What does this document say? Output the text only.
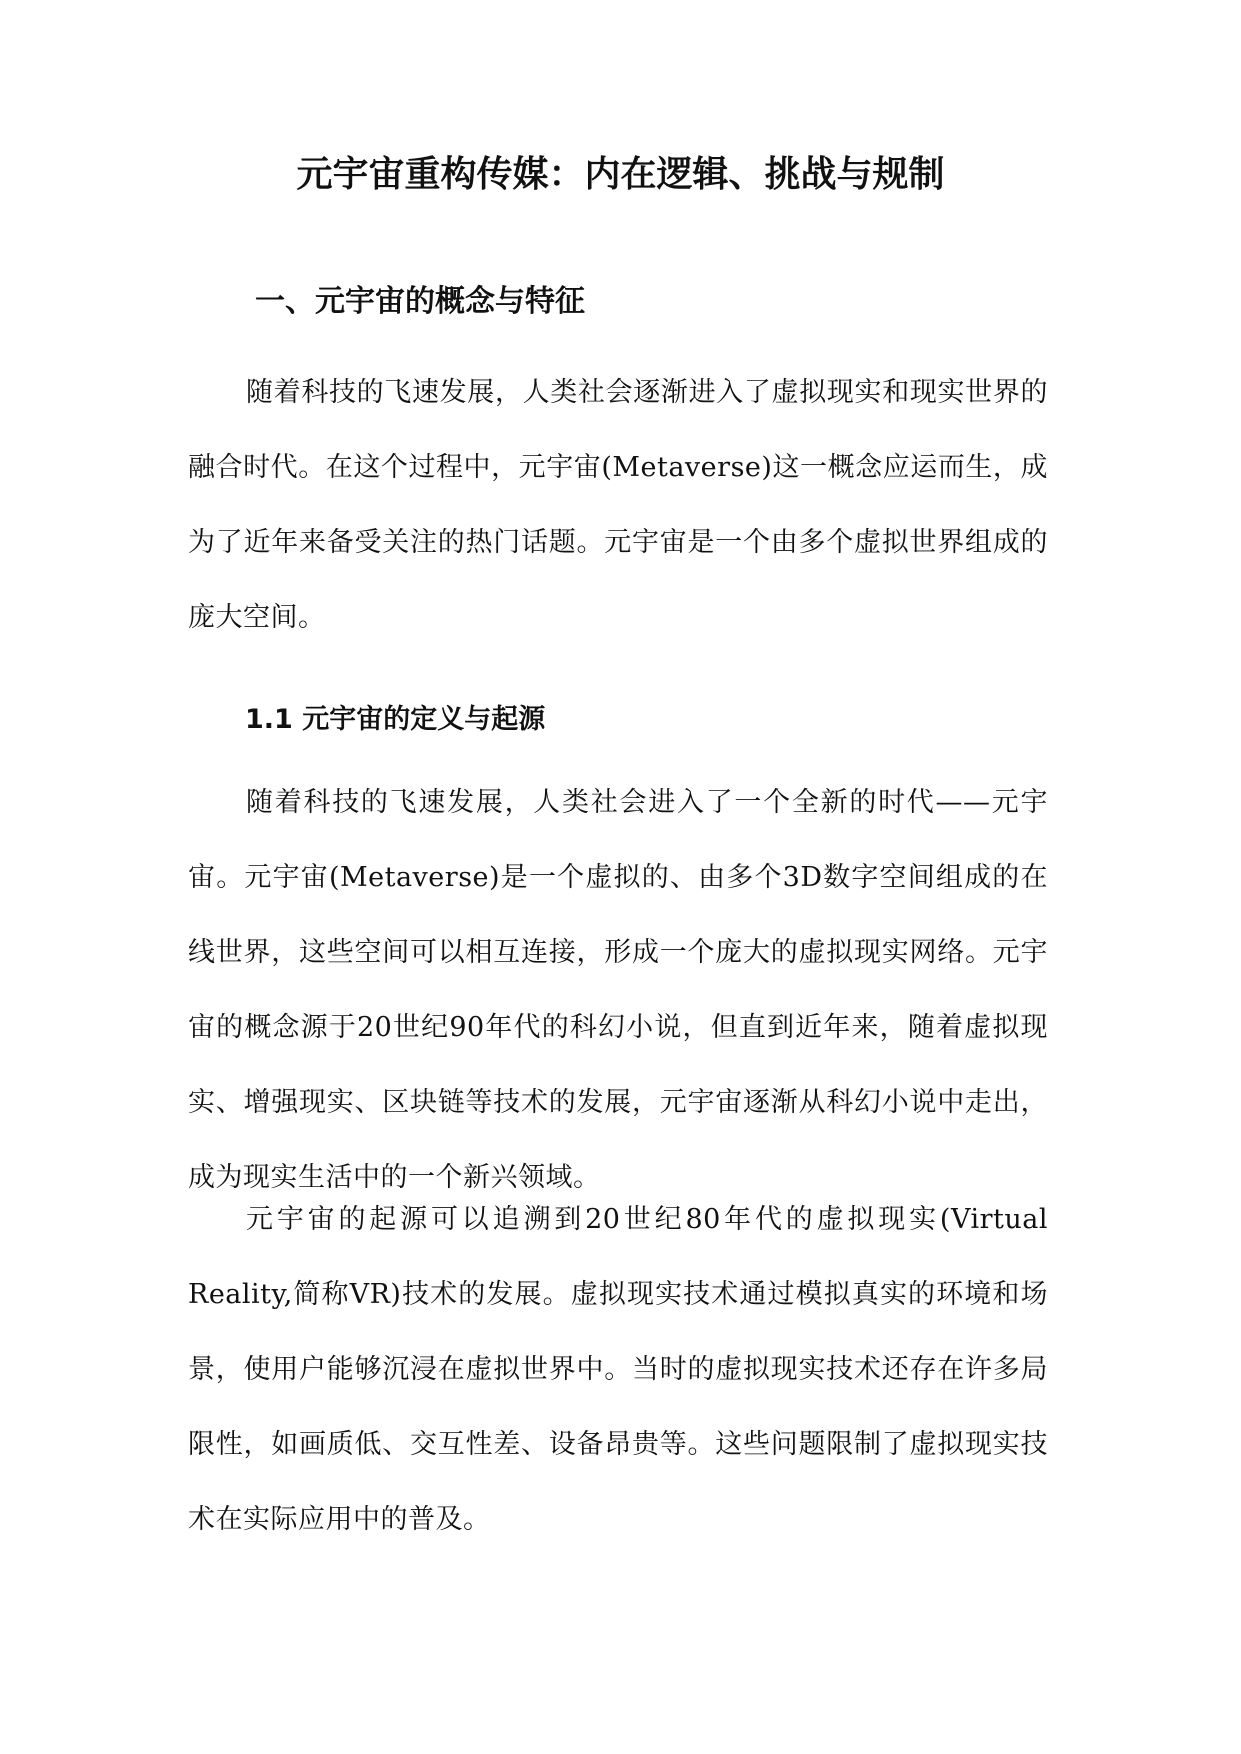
元宇宙重构传媒：内在逻辑、挑战与规制
一、元宇宙的概念与特征

随着科技的飞速发展，人类社会逐渐进入了虚拟现实和现实世界的融合时代。在这个过程中，元宇宙(Metaverse)这一概念应运而生，成为了近年来备受关注的热门话题。元宇宙是一个由多个虚拟世界组成的庞大空间。

1.1 元宇宙的定义与起源

随着科技的飞速发展，人类社会进入了一个全新的时代——元宇宙。元宇宙(Metaverse)是一个虚拟的、由多个3D数字空间组成的在线世界，这些空间可以相互连接，形成一个庞大的虚拟现实网络。元宇宙的概念源于20世纪90年代的科幻小说，但直到近年来，随着虚拟现实、增强现实、区块链等技术的发展，元宇宙逐渐从科幻小说中走出，成为现实生活中的一个新兴领域。

元宇宙的起源可以追溯到20世纪80年代的虚拟现实(Virtual Reality,简称VR)技术的发展。虚拟现实技术通过模拟真实的环境和场景，使用户能够沉浸在虚拟世界中。当时的虚拟现实技术还存在许多局限性，如画质低、交互性差、设备昂贵等。这些问题限制了虚拟现实技术在实际应用中的普及。
